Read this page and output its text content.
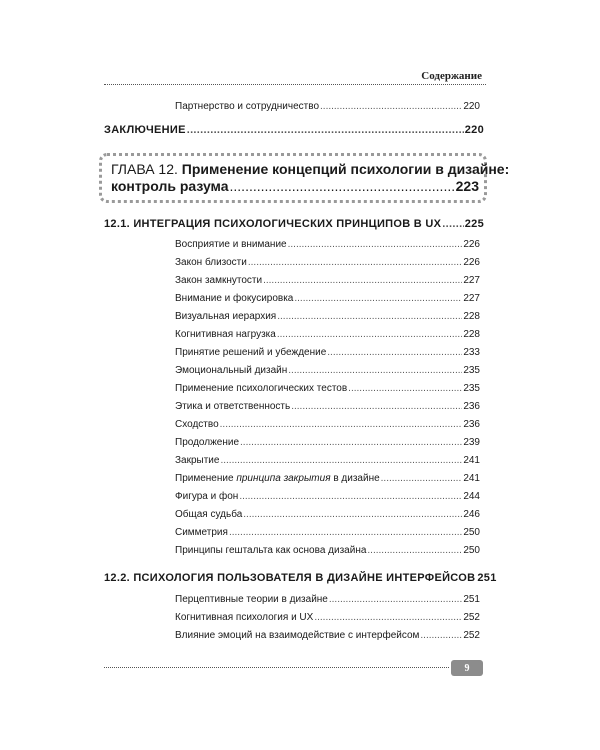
Содержание
Партнерство и сотрудничество .....	220
ЗАКЛЮЧЕНИЕ .....	220
ГЛАВА 12. Применение концепций психологии в дизайне:
контроль разума .....	223
12.1. ИНТЕГРАЦИЯ ПСИХОЛОГИЧЕСКИХ ПРИНЦИПОВ В UX ..... 225
Восприятие и внимание .....	226
Закон близости .....	226
Закон замкнутости .....	227
Внимание и фокусировка .....	227
Визуальная иерархия .....	228
Когнитивная нагрузка .....	228
Принятие решений и убеждение .....	233
Эмоциональный дизайн .....	235
Применение психологических тестов .....	235
Этика и ответственность .....	236
Сходство .....	236
Продолжение .....	239
Закрытие .....	241
Применение принципа закрытия в дизайне .....	241
Фигура и фон .....	244
Общая судьба .....	246
Симметрия .....	250
Принципы гештальта как основа дизайна .....	250
12.2. ПСИХОЛОГИЯ ПОЛЬЗОВАТЕЛЯ В ДИЗАЙНЕ ИНТЕРФЕЙСОВ 251
Перцептивные теории в дизайне .....	251
Когнитивная психология и UX .....	252
Влияние эмоций на взаимодействие с интерфейсом .....	252
9
